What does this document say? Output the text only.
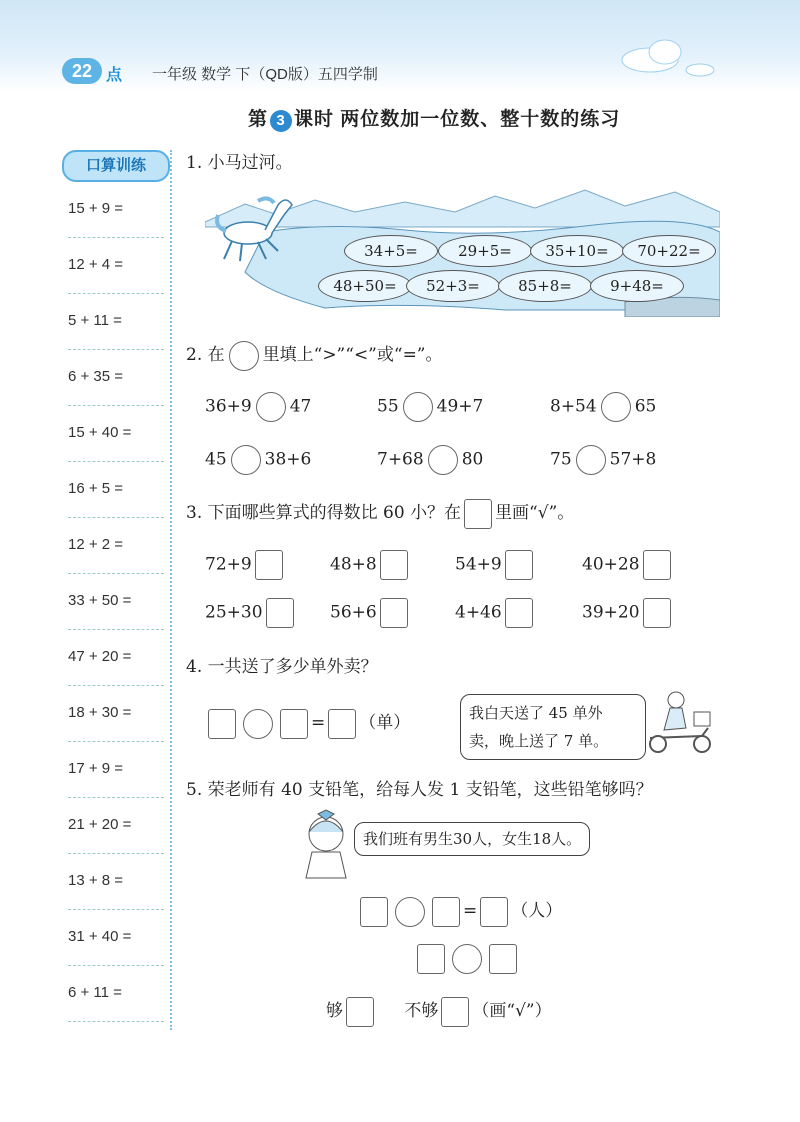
22 点 一年级 数学 下（QD版）五四学制
第 3 课时 两位数加一位数、整十数的练习
口算训练
15 + 9 =
12 + 4 =
5 + 11 =
6 + 35 =
15 + 40 =
16 + 5 =
12 + 2 =
33 + 50 =
47 + 20 =
18 + 30 =
17 + 9 =
21 + 20 =
13 + 8 =
31 + 40 =
6 + 11 =
1. 小马过河。
34+5=	29+5=	35+10=	70+22=
48+50=	52+3=	85+8=	9+48=
2. 在 里填上“>”“<”或“=”。
36+9 47	55 49+7	8+54 65
45 38+6	7+68 80	75 57+8
3. 下面哪些算式的得数比 60 小？在 里画“√”。
72+9	48+8	54+9	40+28
25+30	56+6	4+46	39+20
4. 一共送了多少单外卖？
= （单）	我白天送了 45 单外
卖，晚上送了 7 单。
5. 荣老师有 40 支铅笔，给每人发 1 支铅笔，这些铅笔够吗？
我们班有男生30人，女生18人。
= （人）
够	不够 （画“√”）
